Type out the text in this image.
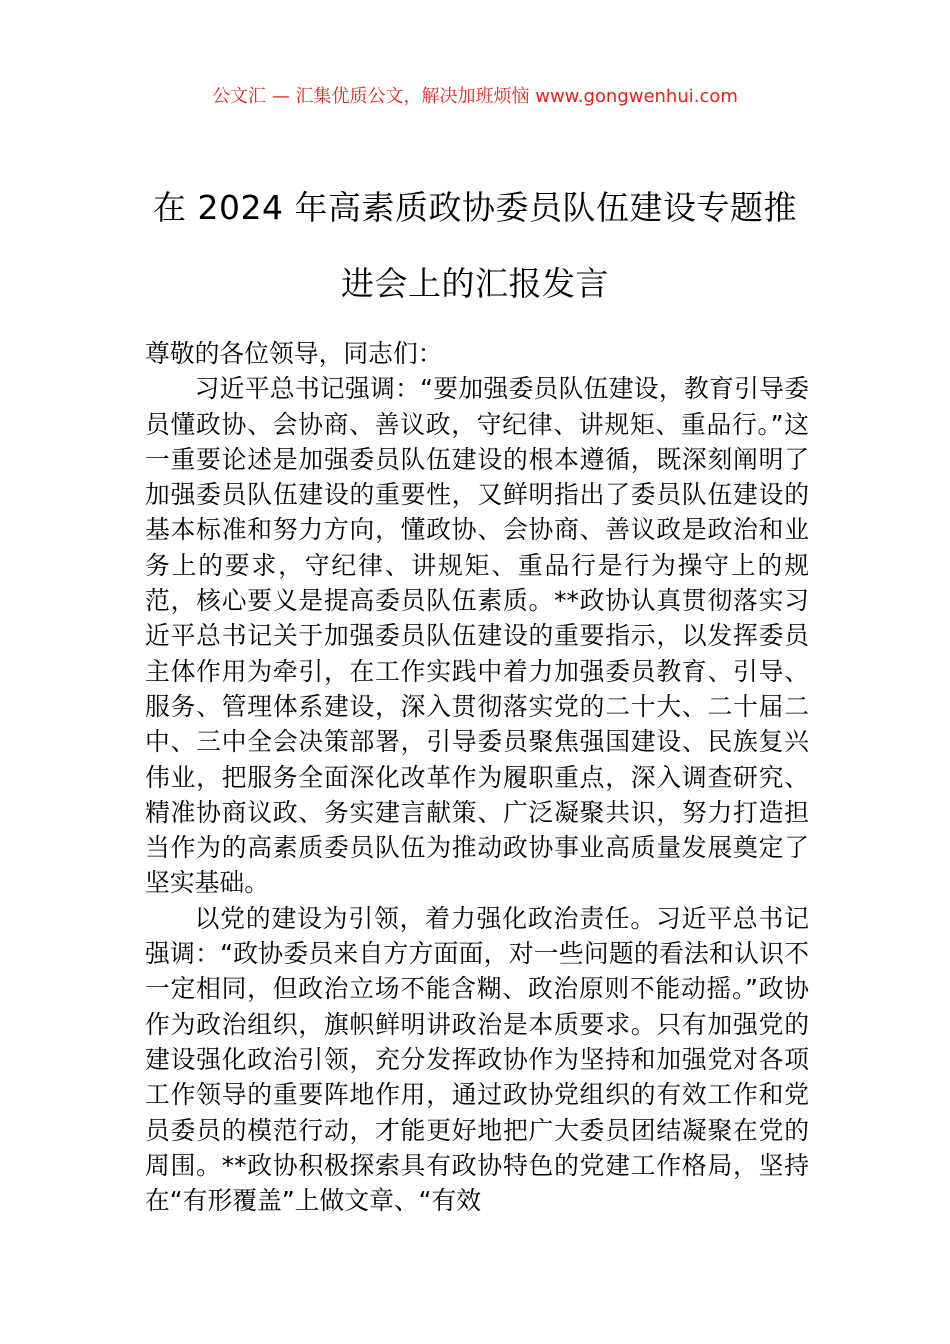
公文汇 — 汇集优质公文，解决加班烦恼 www.gongwenhui.com
在 2024 年高素质政协委员队伍建设专题推
进会上的汇报发言

尊敬的各位领导，同志们：

习近平总书记强调：“要加强委员队伍建设，教育引导委员懂政协、会协商、善议政，守纪律、讲规矩、重品行。”这一重要论述是加强委员队伍建设的根本遵循，既深刻阐明了加强委员队伍建设的重要性，又鲜明指出了委员队伍建设的基本标准和努力方向，懂政协、会协商、善议政是政治和业务上的要求，守纪律、讲规矩、重品行是行为操守上的规范，核心要义是提高委员队伍素质。**政协认真贯彻落实习近平总书记关于加强委员队伍建设的重要指示，以发挥委员主体作用为牵引，在工作实践中着力加强委员教育、引导、服务、管理体系建设，深入贯彻落实党的二十大、二十届二中、三中全会决策部署，引导委员聚焦强国建设、民族复兴伟业，把服务全面深化改革作为履职重点，深入调查研究、精准协商议政、务实建言献策、广泛凝聚共识，努力打造担当作为的高素质委员队伍为推动政协事业高质量发展奠定了坚实基础。

以党的建设为引领，着力强化政治责任。习近平总书记强调：“政协委员来自方方面面，对一些问题的看法和认识不一定相同，但政治立场不能含糊、政治原则不能动摇。”政协作为政治组织，旗帜鲜明讲政治是本质要求。只有加强党的建设强化政治引领，充分发挥政协作为坚持和加强党对各项工作领导的重要阵地作用，通过政协党组织的有效工作和党员委员的模范行动，才能更好地把广大委员团结凝聚在党的周围。**政协积极探索具有政协特色的党建工作格局，坚持在“有形覆盖”上做文章、“有效
